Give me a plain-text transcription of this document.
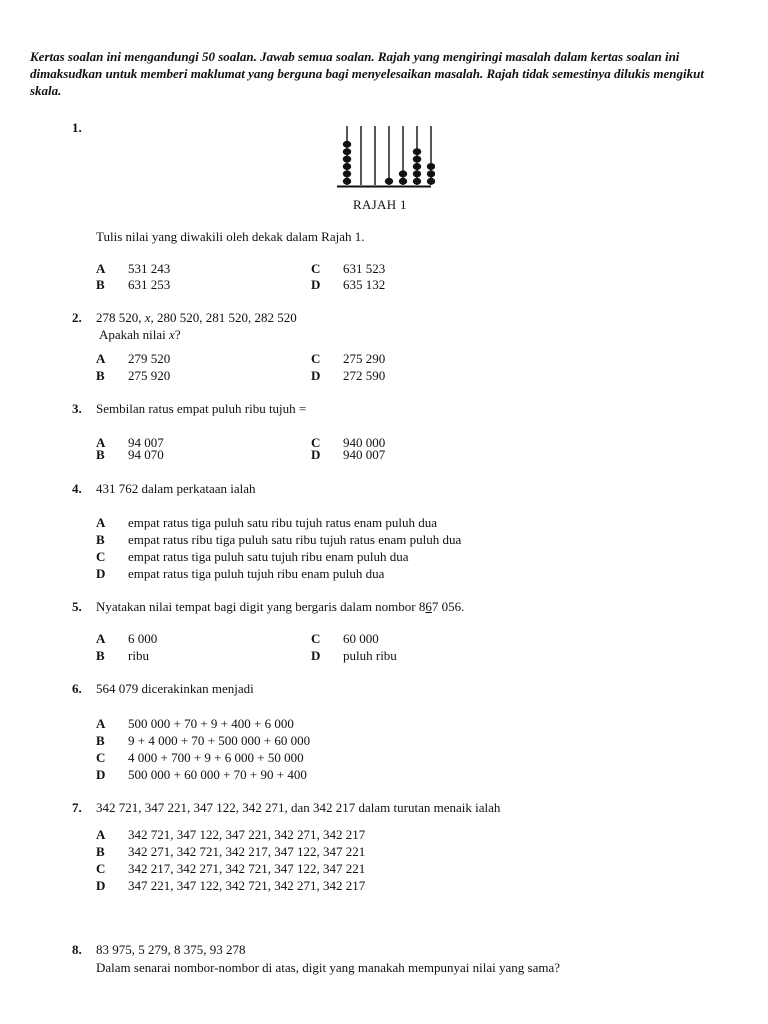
Kertas soalan ini mengandungi 50 soalan. Jawab semua soalan. Rajah yang mengiringi masalah dalam kertas soalan ini dimaksudkan untuk memberi maklumat yang berguna bagi menyelesaikan masalah. Rajah tidak semestinya dilukis mengikut skala.
1.
RAJAH 1
Tulis nilai yang diwakili oleh dekak dalam Rajah 1.
A 531 243	C 631 523
B 631 253	D 635 132
2. 278 520, x, 280 520, 281 520, 282 520
Apakah nilai x?
A 279 520	C 275 290
B 275 920	D 272 590
3. Sembilan ratus empat puluh ribu tujuh =
A 94 007	C 940 000
B 94 070	D 940 007
4. 431 762 dalam perkataan ialah
A empat ratus tiga puluh satu ribu tujuh ratus enam puluh dua
B empat ratus ribu tiga puluh satu ribu tujuh ratus enam puluh dua
C empat ratus tiga puluh satu tujuh ribu enam puluh dua
D empat ratus tiga puluh tujuh ribu enam puluh dua
5. Nyatakan nilai tempat bagi digit yang bergaris dalam nombor 867 056.
A 6 000	C 60 000
B ribu	D puluh ribu
6. 564 079 dicerakinkan menjadi
A 500 000 + 70 + 9 + 400 + 6 000
B 9 + 4 000 + 70 + 500 000 + 60 000
C 4 000 + 700 + 9 + 6 000 + 50 000
D 500 000 + 60 000 + 70 + 90 + 400
7. 342 721, 347 221, 347 122, 342 271, dan 342 217 dalam turutan menaik ialah
A 342 721, 347 122, 347 221, 342 271, 342 217
B 342 271, 342 721, 342 217, 347 122, 347 221
C 342 217, 342 271, 342 721, 347 122, 347 221
D 347 221, 347 122, 342 721, 342 271, 342 217
8. 83 975, 5 279, 8 375, 93 278
Dalam senarai nombor-nombor di atas, digit yang manakah mempunyai nilai yang sama?
